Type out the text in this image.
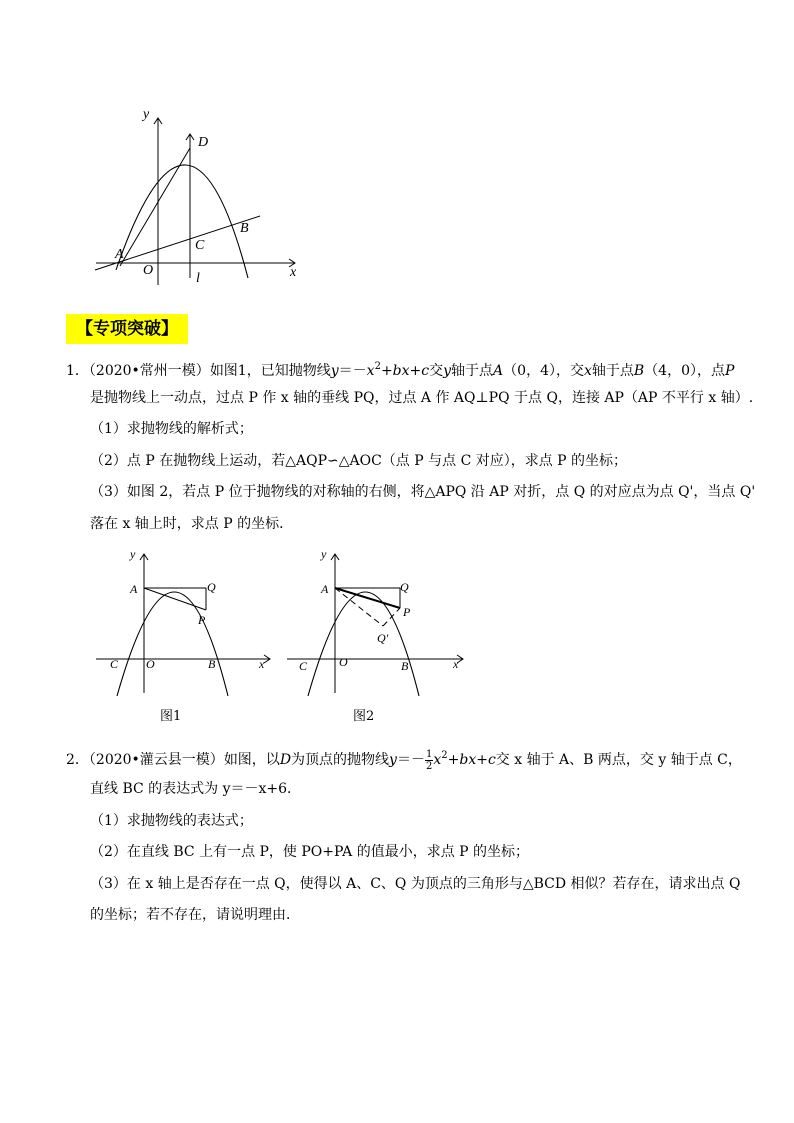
y
x
D
A
B
C
O
l
【专项突破】
1．（2020•常州一模）如图1，已知抛物线$y=-x^2+bx+c$交y轴于点A（0，4），交x轴于点B（4，0），点P
是抛物线上一动点，过点 P 作 x 轴的垂线 PQ，过点 A 作 AQ⊥PQ 于点 Q，连接 AP（AP 不平行 x 轴）.
（1）求抛物线的解析式；
（2）点 P 在抛物线上运动，若△AQP∽△AOC（点 P 与点 C 对应），求点 P 的坐标；
（3）如图 2，若点 P 位于抛物线的对称轴的右侧，将△APQ 沿 AP 对折，点 Q 的对应点为点 Q'，当点 Q'
落在 x 轴上时，求点 P 的坐标．
y
x
A	Q
P
C O	B
图1
y
x
A	Q
P
Q'
C	O	B
图2
2．（2020•灌云县一模）如图，以D为顶点的抛物线$y=- \frac{1}{2} x^2+bx+c$交 x 轴于 A、B 两点，交 y 轴于点 C，
直线 BC 的表达式为 y＝－x+6．
（1）求抛物线的表达式；
（2）在直线 BC 上有一点 P，使 PO+PA 的值最小，求点 P 的坐标；
（3）在 x 轴上是否存在一点 Q，使得以 A、C、Q 为顶点的三角形与△BCD 相似？若存在，请求出点 Q
的坐标；若不存在，请说明理由．
